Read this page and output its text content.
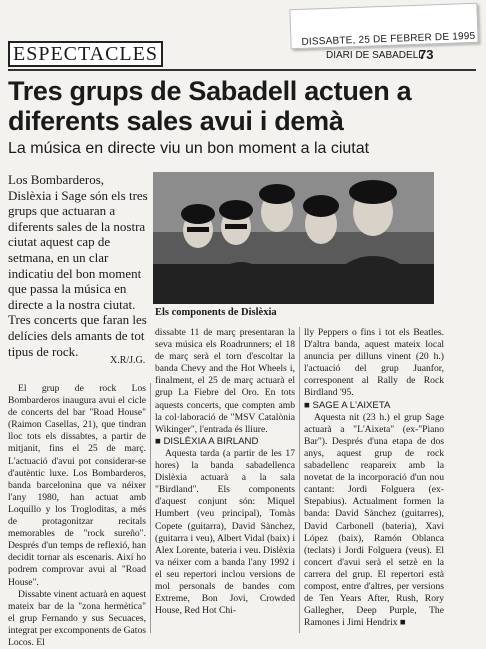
DISSABTE, 25 DE FEBRER DE 1995
ESPECTACLES	DIARI DE SABADELL
73
Tres grups de Sabadell actuen a diferents sales avui i demà
La música en directe viu un bon moment a la ciutat
Los Bombarderos, Dislèxia i Sage són els tres grups que actuaran a diferents sales de la nostra ciutat aquest cap de setmana, en un clar indicatiu del bon moment que passa la música en directe a la nostra ciutat. Tres concerts que faran les delícies dels amants de tot tipus de rock.
X.R/J.G.
Els components de Dislèxia

El grup de rock Los Bombarderos inaugura avui el cicle de concerts del bar "Road House" (Raimon Casellas, 21), que tindran lloc tots els dissabtes, a partir de mitjanit, fins el 25 de març. L'actuació d'avui pot considerar-se d'autèntic luxe. Los Bombarderos, banda barcelonina que va néixer l'any 1980, han actuat amb Loquillo y los Trogloditas, a més de protagonitzar recitals memorables de "rock sureño". Després d'un temps de reflexió, han decidit tornar als escenaris. Així ho podrem comprovar avui al "Road House".

Dissabte vinent actuarà en aquest mateix bar de la "zona hermètica" el grup Fernando y sus Secuaces, integrat per excomponents de Gatos Locos. El

dissabte 11 de març presentaran la seva música els Roadrunners; el 18 de març serà el torn d'escoltar la banda Chevy and the Hot Wheels i, finalment, el 25 de març actuarà el grup La Fiebre del Oro. En tots aquests concerts, que compten amb la col·laboració de "MSV Catalònia Wikinger", l'entrada és lliure.

■ DISLÈXIA A BIRLAND

Aquesta tarda (a partir de les 17 hores) la banda sabadellenca Dislèxia actuarà a la sala "Birdland". Els components d'aquest conjunt són: Miquel Humbert (veu principal), Tomàs Copete (guitarra), David Sànchez, (guitarra i veu), Albert Vidal (baix) i Alex Lorente, bateria i veu. Dislèxia va néixer com a banda l'any 1992 i el seu repertori inclou versions de mol personals de bandes com Extreme, Bon Jovi, Crowded House, Red Hot Chi-

lly Peppers o fins i tot els Beatles. D'altra banda, aquest mateix local anuncia per dilluns vinent (20 h.) l'actuació del grup Juanfor, corresponent al Rally de Rock Birdland '95.

■ SAGE A L'AIXETA

Aquesta nit (23 h.) el grup Sage actuarà a "L'Aixeta" (ex-"Piano Bar"). Després d'una etapa de dos anys, aquest grup de rock sabadellenc reapareix amb la novetat de la incorporació d'un nou cantant: Jordi Folguera (ex-Stepabius). Actualment formen la banda: David Sànchez (guitarres), David Carbonell (bateria), Xavi López (baix), Ramón Oblanca (teclats) i Jordi Folguera (veus). El concert d'avui serà el setzè en la carrera del grup. El repertori està compost, entre d'altres, per versions de Ten Years After, Rush, Rory Gallegher, Deep Purple, The Ramones i Jimi Hendrix ■
